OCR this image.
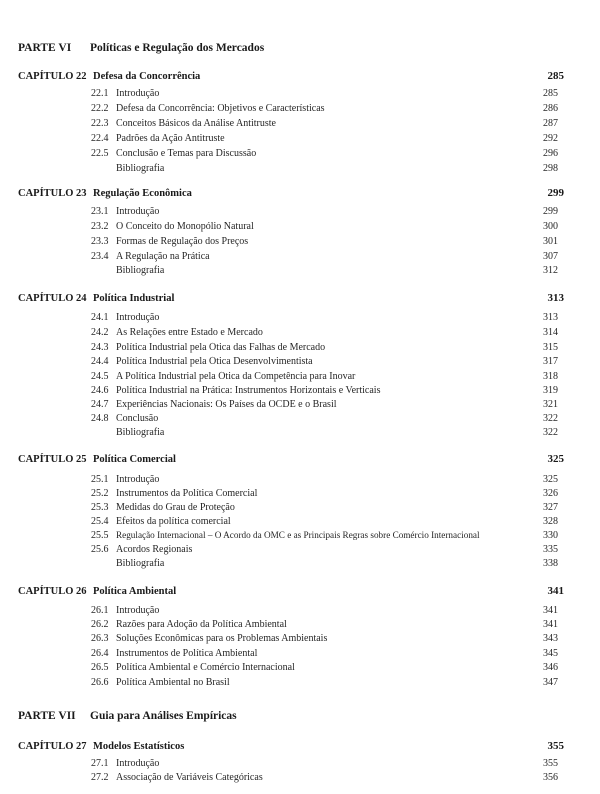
PARTE VI	Políticas e Regulação dos Mercados
CAPÍTULO 22 Defesa da Concorrência	285
22.1 Introdução	285
22.2 Defesa da Concorrência: Objetivos e Características	286
22.3 Conceitos Básicos da Análise Antitruste	287
22.4 Padrões da Ação Antitruste	292
22.5 Conclusão e Temas para Discussão	296
Bibliografia	298
CAPÍTULO 23 Regulação Econômica	299
23.1 Introdução	299
23.2 O Conceito do Monopólio Natural	300
23.3 Formas de Regulação dos Preços	301
23.4 A Regulação na Prática	307
Bibliografia	312
CAPÍTULO 24 Política Industrial	313
24.1 Introdução	313
24.2 As Relações entre Estado e Mercado	314
24.3 Política Industrial pela Ótica das Falhas de Mercado	315
24.4 Política Industrial pela Ótica Desenvolvimentista	317
24.5 A Política Industrial pela Ótica da Competência para Inovar	318
24.6 Política Industrial na Prática: Instrumentos Horizontais e Verticais	319
24.7 Experiências Nacionais: Os Países da OCDE e o Brasil	321
24.8 Conclusão	322
Bibliografia	322
CAPÍTULO 25 Política Comercial	325
25.1 Introdução	325
25.2 Instrumentos da Política Comercial	326
25.3 Medidas do Grau de Proteção	327
25.4 Efeitos da política comercial	328
25.5 Regulação Internacional – O Acordo da OMC e as Principais Regras sobre Comércio Internacional	330
25.6 Acordos Regionais	335
Bibliografia	338
CAPÍTULO 26 Política Ambiental	341
26.1 Introdução	341
26.2 Razões para Adoção da Política Ambiental	341
26.3 Soluções Econômicas para os Problemas Ambientais	343
26.4 Instrumentos de Política Ambiental	345
26.5 Política Ambiental e Comércio Internacional	346
26.6 Política Ambiental no Brasil	347
PARTE VII	Guia para Análises Empíricas
CAPÍTULO 27 Modelos Estatísticos	355
27.1 Introdução	355
27.2 Associação de Variáveis Categóricas	356
